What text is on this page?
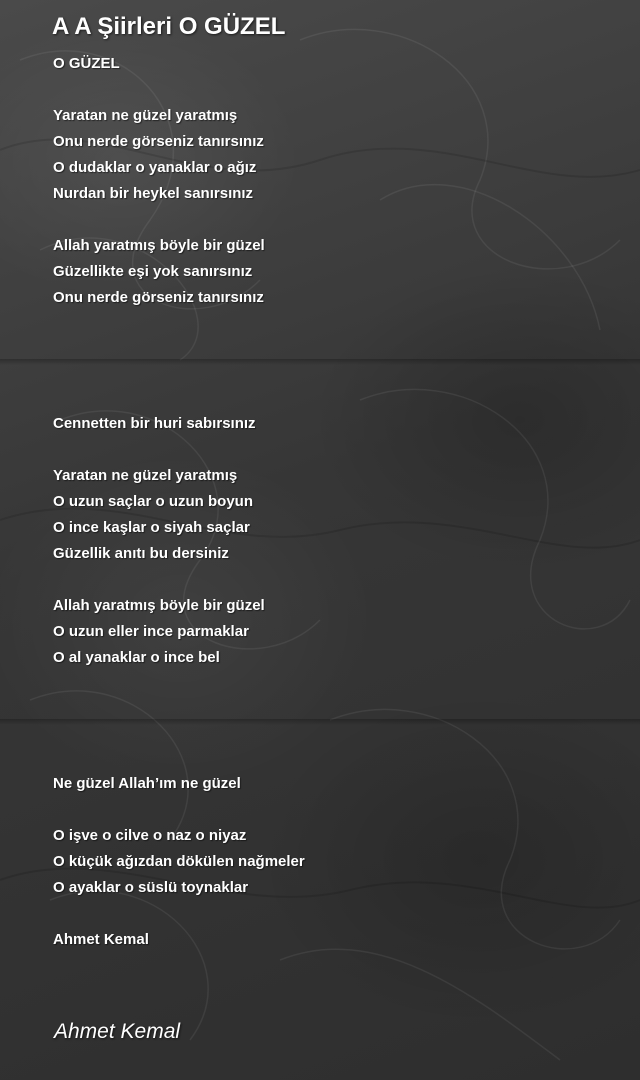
A A Şiirleri O GÜZEL
O GÜZEL
Yaratan ne güzel yaratmış
Onu nerde görseniz tanırsınız
O dudaklar o yanaklar o ağız
Nurdan bir heykel sanırsınız
Allah yaratmış böyle bir güzel
Güzellikte eşi yok sanırsınız
Onu nerde görseniz tanırsınız
Cennetten bir huri sabırsınız
Yaratan ne güzel yaratmış
O uzun saçlar o uzun boyun
O ince kaşlar o siyah saçlar
Güzellik anıtı bu dersiniz
Allah yaratmış böyle bir güzel
O uzun eller ince parmaklar
O al yanaklar o ince bel
Ne güzel Allah’ım ne güzel
O işve o cilve o naz o niyaz
O küçük ağızdan dökülen nağmeler
O ayaklar o süslü toynaklar
Ahmet Kemal
Ahmet Kemal
